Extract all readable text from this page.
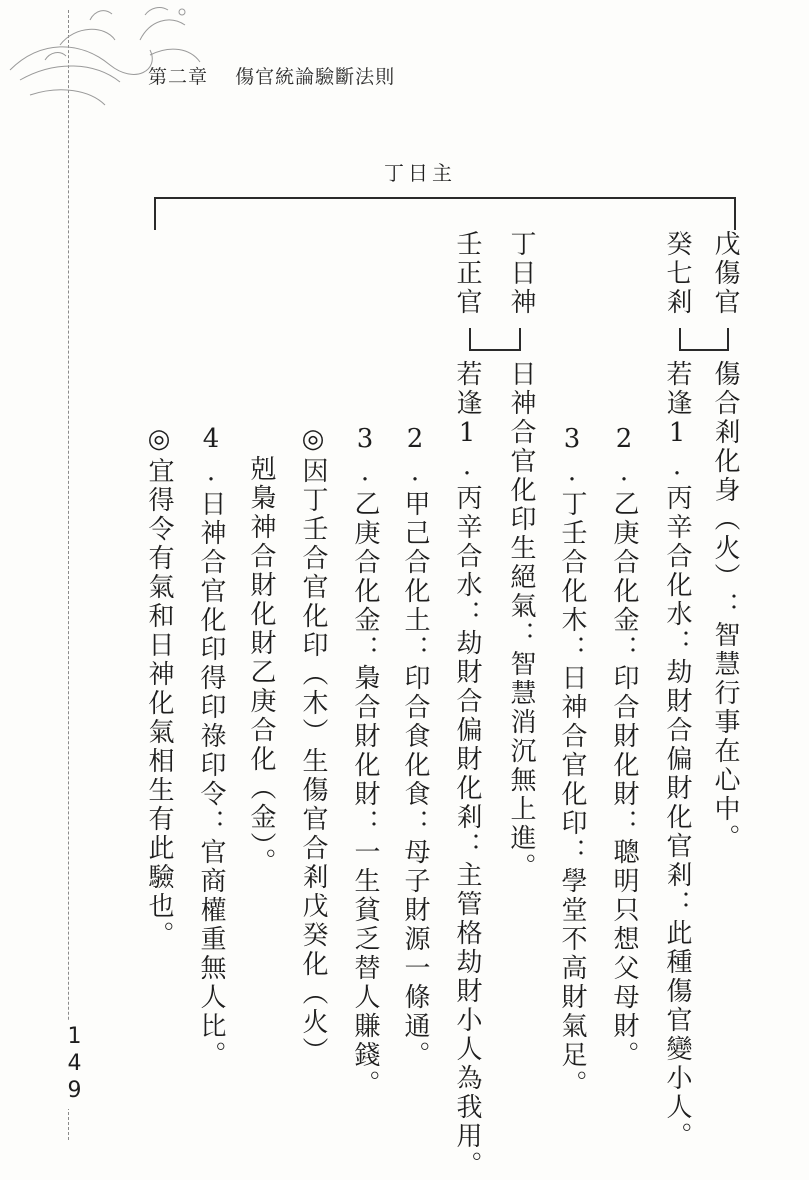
第二章 傷官統論驗斷法則
丁日主
戊傷官
癸七剎
丁日神
壬正官
傷合剎化身（火）：智慧行事在心中。
若逢1.丙辛合化水：劫財合偏財化官剎：此種傷官變小人。
2.乙庚合化金：印合財化財：聰明只想父母財。
3.丁壬合化木：日神合官化印：學堂不高財氣足。
日神合官化印生絕氣：智慧消沉無上進。
若逢1.丙辛合水：劫財合偏財化剎：主管格劫財小人為我用。
2.甲己合化土：印合食化食：母子財源一條通。
3.乙庚合化金：梟合財化財：一生貧乏替人賺錢。
◎因丁壬合官化印（木）生傷官合剎戊癸化（火）
剋梟神合財化財乙庚合化（金）。
4.日神合官化印得印祿印令：官商權重無人比。
◎宜得令有氣和日神化氣相生有此驗也。
149
